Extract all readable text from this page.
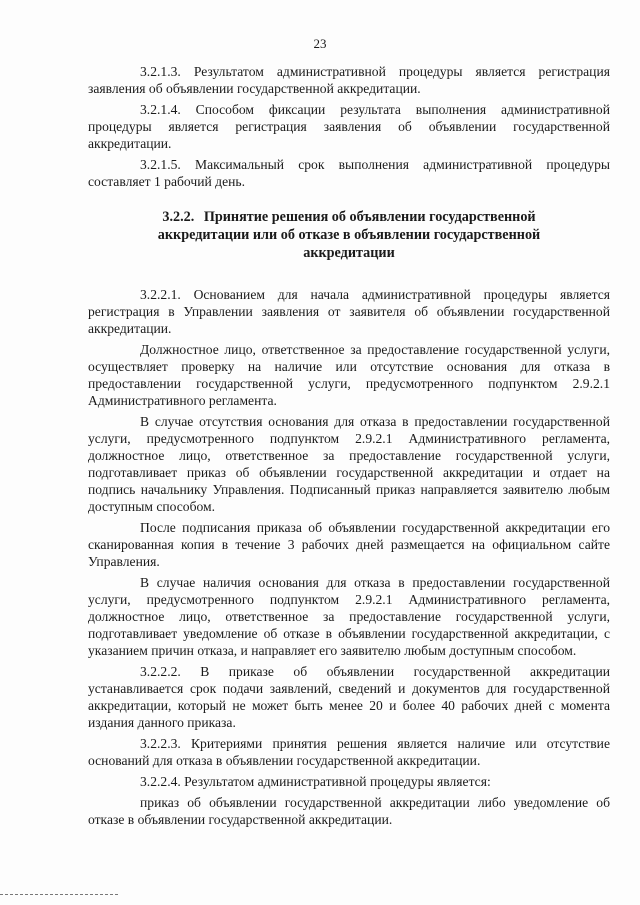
23

3.2.1.3. Результатом административной процедуры является регистрация заявления об объявлении государственной аккредитации.

3.2.1.4. Способом фиксации результата выполнения административной процедуры является регистрация заявления об объявлении государственной аккредитации.

3.2.1.5. Максимальный срок выполнения административной процедуры составляет 1 рабочий день.

3.2.2. Принятие решения об объявлении государственной аккредитации или об отказе в объявлении государственной аккредитации

3.2.2.1. Основанием для начала административной процедуры является регистрация в Управлении заявления от заявителя об объявлении государственной аккредитации.

Должностное лицо, ответственное за предоставление государственной услуги, осуществляет проверку на наличие или отсутствие основания для отказа в предоставлении государственной услуги, предусмотренного подпунктом 2.9.2.1 Административного регламента.

В случае отсутствия основания для отказа в предоставлении государственной услуги, предусмотренного подпунктом 2.9.2.1 Административного регламента, должностное лицо, ответственное за предоставление государственной услуги, подготавливает приказ об объявлении государственной аккредитации и отдает на подпись начальнику Управления. Подписанный приказ направляется заявителю любым доступным способом.

После подписания приказа об объявлении государственной аккредитации его сканированная копия в течение 3 рабочих дней размещается на официальном сайте Управления.

В случае наличия основания для отказа в предоставлении государственной услуги, предусмотренного подпунктом 2.9.2.1 Административного регламента, должностное лицо, ответственное за предоставление государственной услуги, подготавливает уведомление об отказе в объявлении государственной аккредитации, с указанием причин отказа, и направляет его заявителю любым доступным способом.

3.2.2.2. В приказе об объявлении государственной аккредитации устанавливается срок подачи заявлений, сведений и документов для государственной аккредитации, который не может быть менее 20 и более 40 рабочих дней с момента издания данного приказа.

3.2.2.3. Критериями принятия решения является наличие или отсутствие оснований для отказа в объявлении государственной аккредитации.

3.2.2.4. Результатом административной процедуры является:

приказ об объявлении государственной аккредитации либо уведомление об отказе в объявлении государственной аккредитации.
